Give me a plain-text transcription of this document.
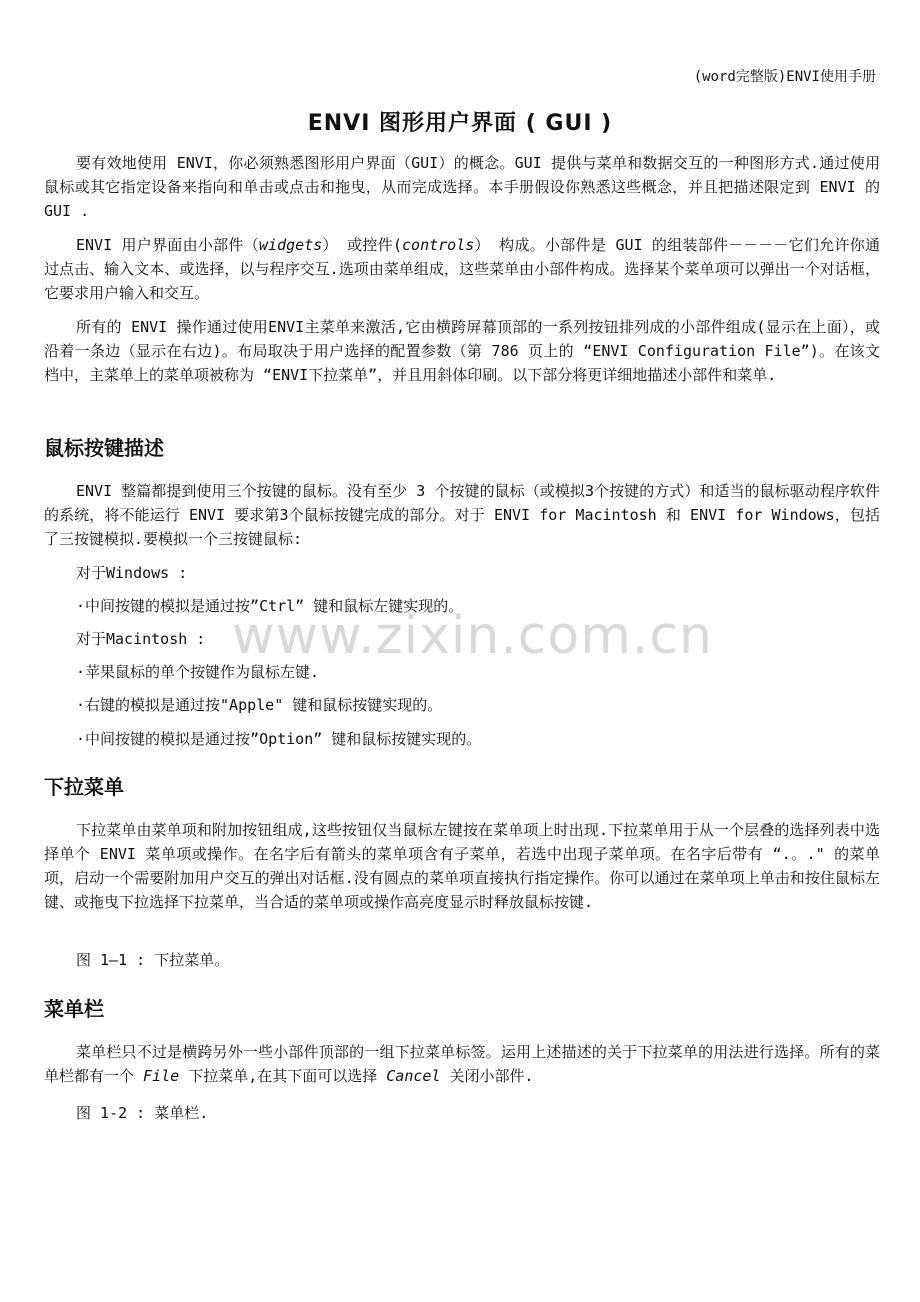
(word完整版)ENVI使用手册
ENVI 图形用户界面 ( GUI )

要有效地使用 ENVI，你必须熟悉图形用户界面（GUI）的概念。GUI 提供与菜单和数据交互的一种图形方式.通过使用鼠标或其它指定设备来指向和单击或点击和拖曳，从而完成选择。本手册假设你熟悉这些概念，并且把描述限定到 ENVI 的 GUI .

ENVI 用户界面由小部件（widgets） 或控件(controls） 构成。小部件是 GUI 的组装部件－－－－它们允许你通过点击、输入文本、或选择，以与程序交互.选项由菜单组成，这些菜单由小部件构成。选择某个菜单项可以弹出一个对话框，它要求用户输入和交互。

所有的 ENVI 操作通过使用ENVI主菜单来激活,它由横跨屏幕顶部的一系列按钮排列成的小部件组成(显示在上面），或沿着一条边（显示在右边)。布局取决于用户选择的配置参数（第 786 页上的 “ENVI Configuration File”)。在该文档中，主菜单上的菜单项被称为 “ENVI下拉菜单”，并且用斜体印刷。以下部分将更详细地描述小部件和菜单.

鼠标按键描述

ENVI 整篇都提到使用三个按键的鼠标。没有至少 3 个按键的鼠标（或模拟3个按键的方式）和适当的鼠标驱动程序软件的系统，将不能运行 ENVI 要求第3个鼠标按键完成的部分。对于 ENVI for Macintosh 和 ENVI for Windows，包括了三按键模拟.要模拟一个三按键鼠标:

对于Windows :
·中间按键的模拟是通过按”Ctrl” 键和鼠标左键实现的。
对于Macintosh :
·苹果鼠标的单个按键作为鼠标左键.
·右键的模拟是通过按"Apple" 键和鼠标按键实现的。
·中间按键的模拟是通过按”Option” 键和鼠标按键实现的。
下拉菜单

下拉菜单由菜单项和附加按钮组成,这些按钮仅当鼠标左键按在菜单项上时出现.下拉菜单用于从一个层叠的选择列表中选择单个 ENVI 菜单项或操作。在名字后有箭头的菜单项含有子菜单，若选中出现子菜单项。在名字后带有 “.。." 的菜单项，启动一个需要附加用户交互的弹出对话框.没有圆点的菜单项直接执行指定操作。你可以通过在菜单项上单击和按住鼠标左键、或拖曳下拉选择下拉菜单，当合适的菜单项或操作高亮度显示时释放鼠标按键.

图 1—1 : 下拉菜单。
菜单栏

菜单栏只不过是横跨另外一些小部件顶部的一组下拉菜单标签。运用上述描述的关于下拉菜单的用法进行选择。所有的菜单栏都有一个 File 下拉菜单,在其下面可以选择 Cancel 关闭小部件.

图 1-2 : 菜单栏.
www.zixin.com.cn
